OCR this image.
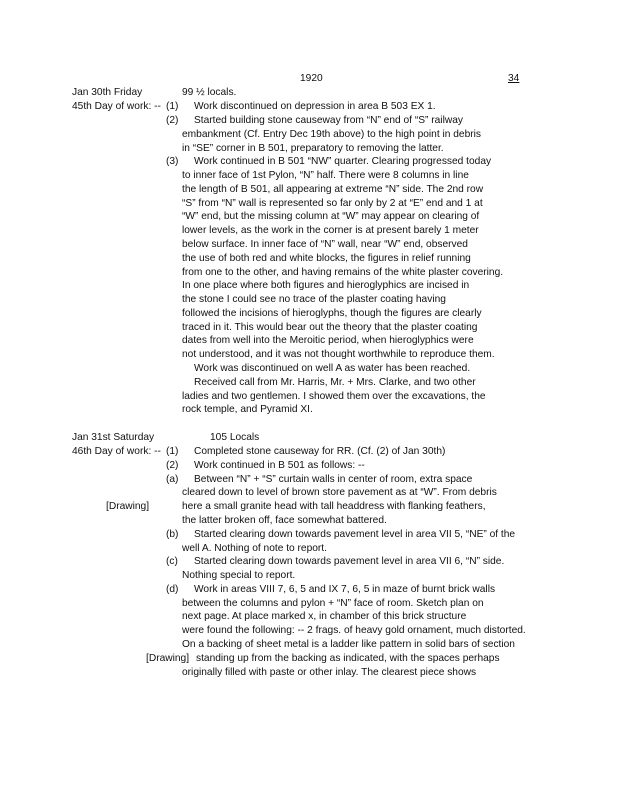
1920	34
Jan 30th Friday	99 ½ locals.
45th Day of work: -- (1) Work discontinued on depression in area B 503 EX 1.
(2) Started building stone causeway from “N” end of “S” railway
embankment (Cf. Entry Dec 19th above) to the high point in debris
in “SE” corner in B 501, preparatory to removing the latter.
(3) Work continued in B 501 “NW” quarter. Clearing progressed today
to inner face of 1st Pylon, “N” half. There were 8 columns in line
the length of B 501, all appearing at extreme “N” side. The 2nd row
“S” from “N” wall is represented so far only by 2 at “E” end and 1 at
“W” end, but the missing column at “W” may appear on clearing of
lower levels, as the work in the corner is at present barely 1 meter
below surface. In inner face of “N” wall, near “W” end, observed
the use of both red and white blocks, the figures in relief running
from one to the other, and having remains of the white plaster covering.
In one place where both figures and hieroglyphics are incised in
the stone I could see no trace of the plaster coating having
followed the incisions of hieroglyphs, though the figures are clearly
traced in it. This would bear out the theory that the plaster coating
dates from well into the Meroitic period, when hieroglyphics were
not understood, and it was not thought worthwhile to reproduce them.
Work was discontinued on well A as water has been reached.
Received call from Mr. Harris, Mr. + Mrs. Clarke, and two other
ladies and two gentlemen. I showed them over the excavations, the
rock temple, and Pyramid XI.
Jan 31st Saturday	105 Locals
46th Day of work: -- (1) Completed stone causeway for RR. (Cf. (2) of Jan 30th)
(2) Work continued in B 501 as follows: --
(a) Between “N” + “S” curtain walls in center of room, extra space
cleared down to level of brown store pavement as at “W”. From debris
[Drawing]	here a small granite head with tall headdress with flanking feathers,
the latter broken off, face somewhat battered.
(b) Started clearing down towards pavement level in area VII 5, “NE” of the
well A. Nothing of note to report.
(c) Started clearing down towards pavement level in area VII 6, “N” side.
Nothing special to report.
(d) Work in areas VIII 7, 6, 5 and IX 7, 6, 5 in maze of burnt brick walls
between the columns and pylon + “N” face of room. Sketch plan on
next page. At place marked x, in chamber of this brick structure
were found the following: -- 2 frags. of heavy gold ornament, much distorted.
On a backing of sheet metal is a ladder like pattern in solid bars of section
[Drawing] standing up from the backing as indicated, with the spaces perhaps
originally filled with paste or other inlay. The clearest piece shows
